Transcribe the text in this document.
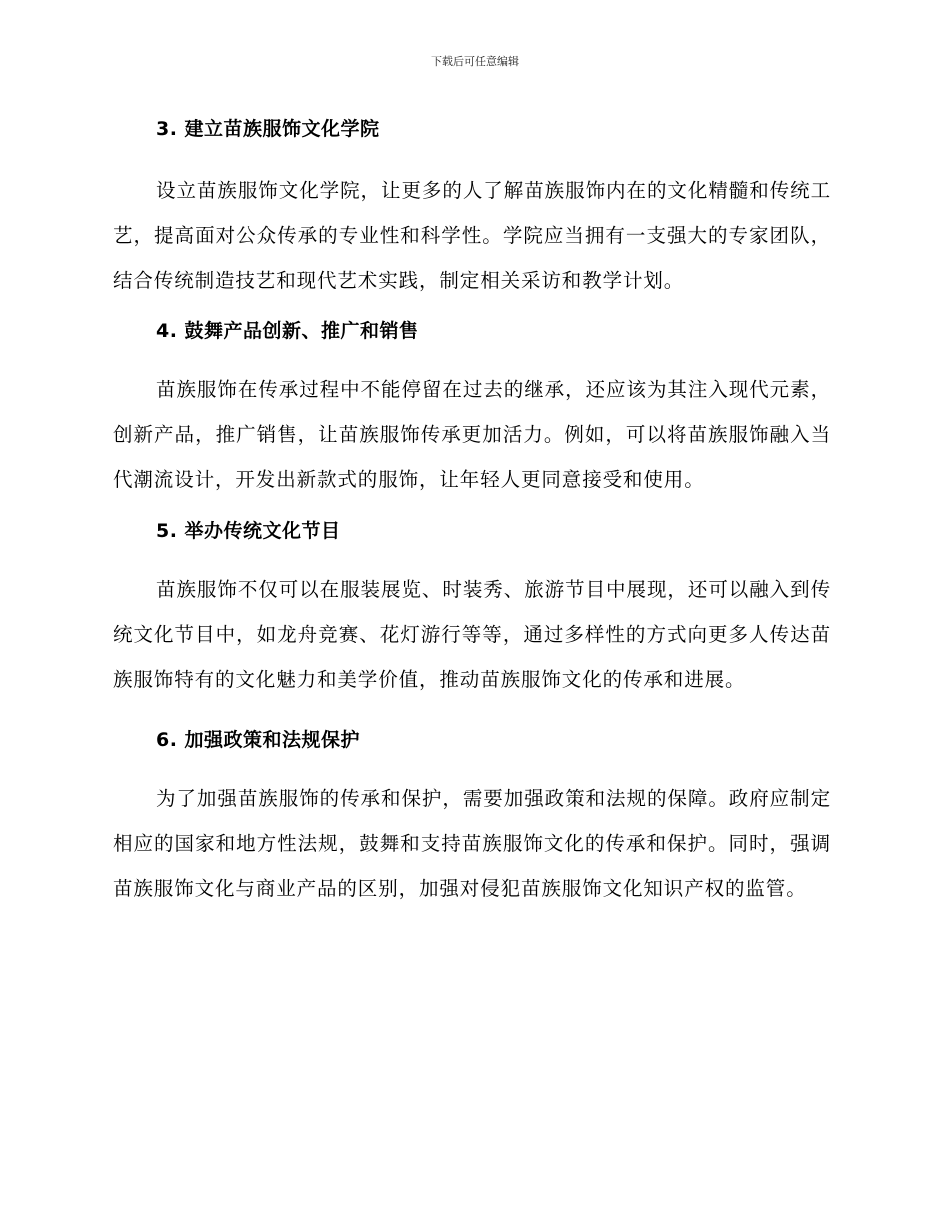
下载后可任意编辑
3. 建立苗族服饰文化学院

设立苗族服饰文化学院，让更多的人了解苗族服饰内在的文化精髓和传统工艺，提高面对公众传承的专业性和科学性。学院应当拥有一支强大的专家团队，结合传统制造技艺和现代艺术实践，制定相关采访和教学计划。

4. 鼓舞产品创新、推广和销售

苗族服饰在传承过程中不能停留在过去的继承，还应该为其注入现代元素，创新产品，推广销售，让苗族服饰传承更加活力。例如，可以将苗族服饰融入当代潮流设计，开发出新款式的服饰，让年轻人更同意接受和使用。

5. 举办传统文化节目

苗族服饰不仅可以在服装展览、时装秀、旅游节目中展现，还可以融入到传统文化节目中，如龙舟竞赛、花灯游行等等，通过多样性的方式向更多人传达苗族服饰特有的文化魅力和美学价值，推动苗族服饰文化的传承和进展。

6. 加强政策和法规保护

为了加强苗族服饰的传承和保护，需要加强政策和法规的保障。政府应制定相应的国家和地方性法规，鼓舞和支持苗族服饰文化的传承和保护。同时，强调苗族服饰文化与商业产品的区别，加强对侵犯苗族服饰文化知识产权的监管。
